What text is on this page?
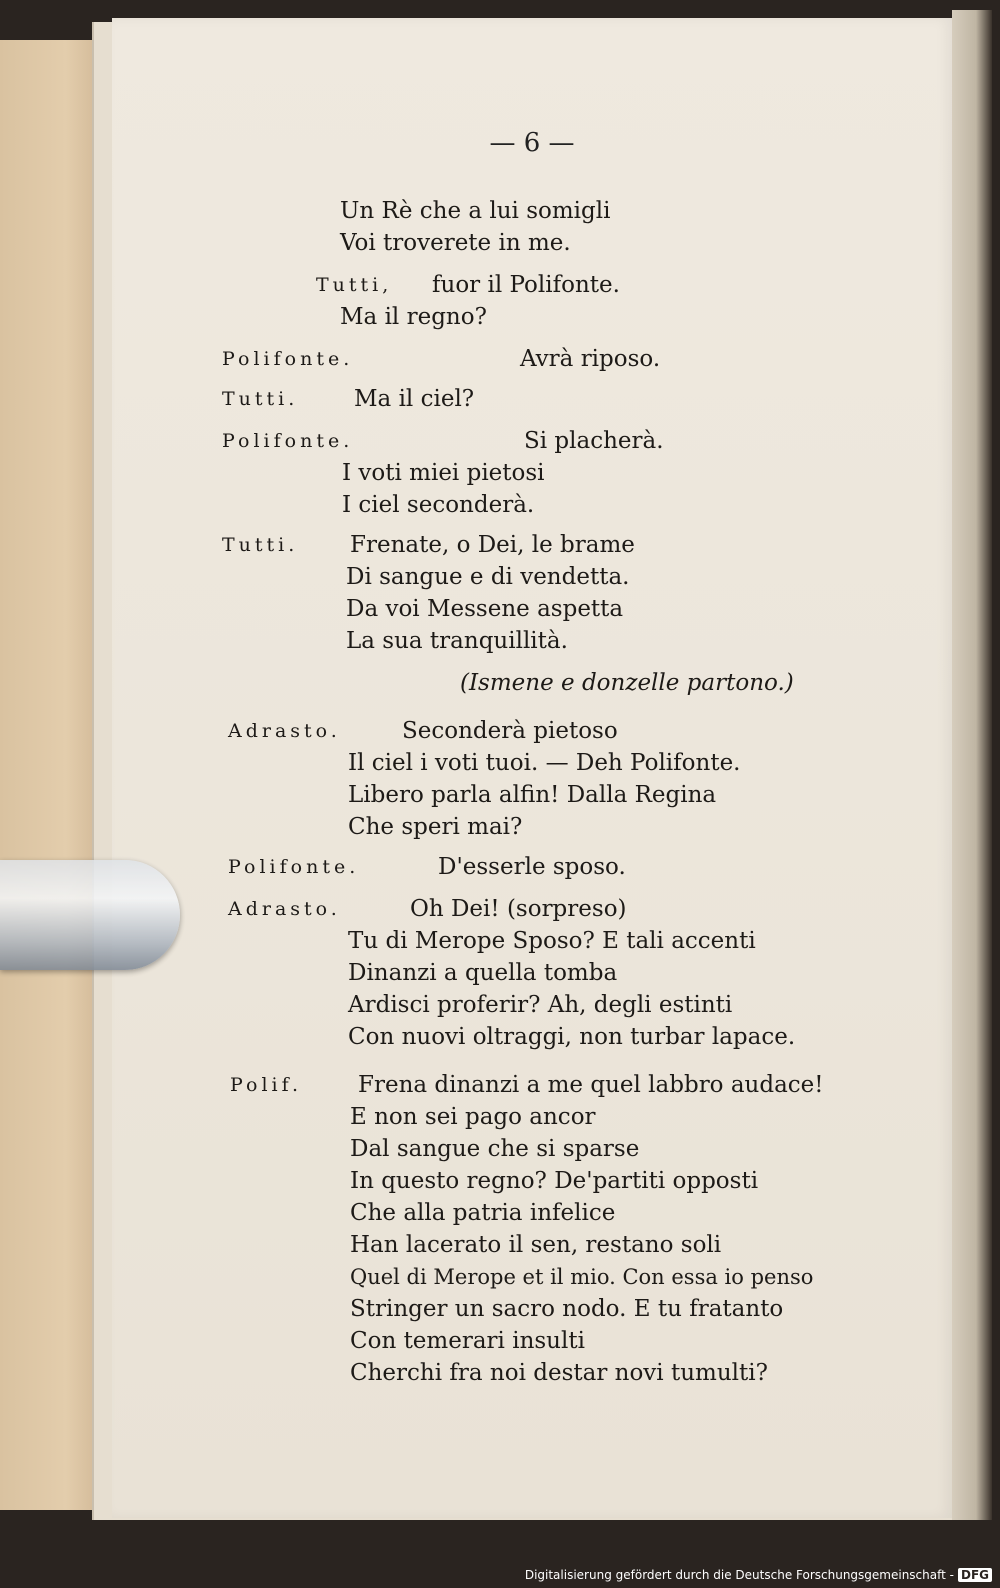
— 6 —
Un Rè che a lui somigli
Voi troverete in me.
Tutti, fuor il Polifonte.
Ma il regno?
Polifonte.	Avrà riposo.
Tutti. Ma il ciel?
Polifonte.	Si placherà.
I voti miei pietosi
I ciel seconderà.
Tutti. Frenate, o Dei, le brame
Di sangue e di vendetta.
Da voi Messene aspetta
La sua tranquillità.
(Ismene e donzelle partono.)
Adrasto.	Seconderà pietoso
Il ciel i voti tuoi. — Deh Polifonte.
Libero parla alfin! Dalla Regina
Che speri mai?
Polifonte.	D'esserle sposo.
Adrasto.	Oh Dei! (sorpreso)
Tu di Merope Sposo? E tali accenti
Dinanzi a quella tomba
Ardisci proferir? Ah, degli estinti
Con nuovi oltraggi, non turbar lapace.
Polif. Frena dinanzi a me quel labbro audace!
E non sei pago ancor
Dal sangue che si sparse
In questo regno? De'partiti opposti
Che alla patria infelice
Han lacerato il sen, restano soli
Quel di Merope et il mio. Con essa io penso
Stringer un sacro nodo. E tu fratanto
Con temerari insulti
Cherchi fra noi destar novi tumulti?
Digitalisierung gefördert durch die Deutsche Forschungsgemeinschaft - DFG
